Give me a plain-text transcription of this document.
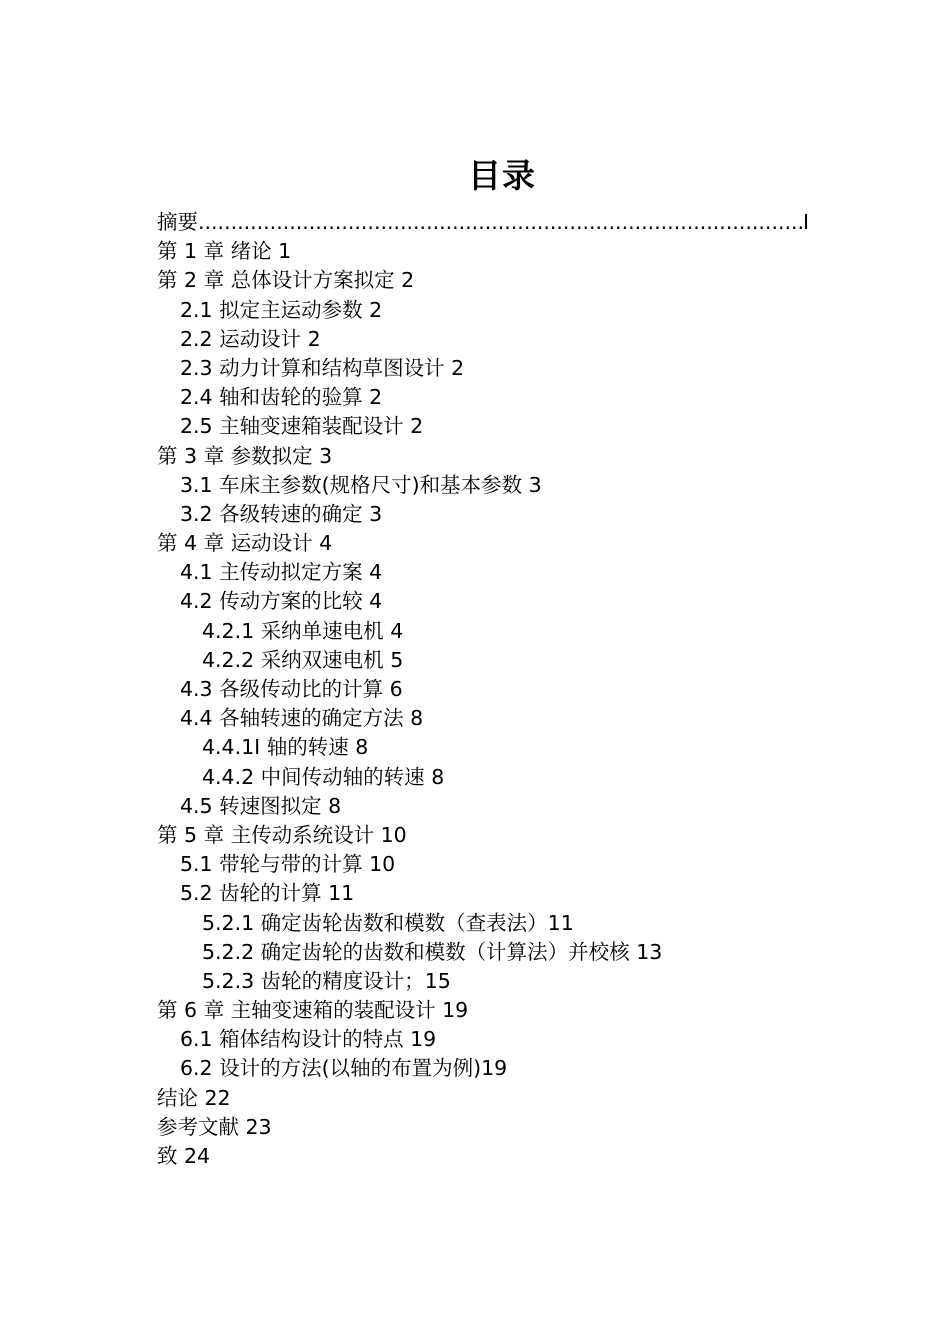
目录
摘要
.....	I
第 1 章 绪论 1
第 2 章 总体设计方案拟定 2
2.1 拟定主运动参数 2
2.2 运动设计 2
2.3 动力计算和结构草图设计 2
2.4 轴和齿轮的验算 2
2.5 主轴变速箱装配设计 2
第 3 章 参数拟定 3
3.1 车床主参数(规格尺寸)和基本参数 3
3.2 各级转速的确定 3
第 4 章 运动设计 4
4.1 主传动拟定方案 4
4.2 传动方案的比较 4
4.2.1 采纳单速电机 4
4.2.2 采纳双速电机 5
4.3 各级传动比的计算 6
4.4 各轴转速的确定方法 8
4.4.1I 轴的转速 8
4.4.2 中间传动轴的转速 8
4.5 转速图拟定 8
第 5 章 主传动系统设计 10
5.1 带轮与带的计算 10
5.2 齿轮的计算 11
5.2.1 确定齿轮齿数和模数（查表法）11
5.2.2 确定齿轮的齿数和模数（计算法）并校核 13
5.2.3 齿轮的精度设计；15
第 6 章 主轴变速箱的装配设计 19
6.1 箱体结构设计的特点 19
6.2 设计的方法(以轴的布置为例)19
结论 22
参考文献 23
致 24
